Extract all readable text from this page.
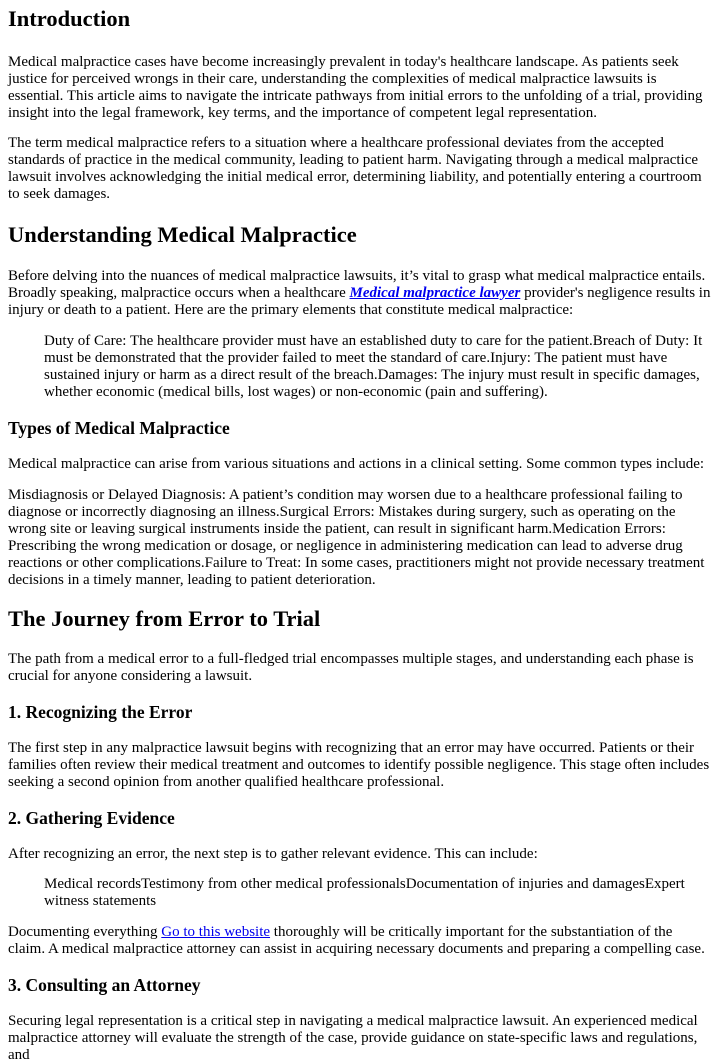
Introduction

Medical malpractice cases have become increasingly prevalent in today's healthcare landscape. As patients seek justice for perceived wrongs in their care, understanding the complexities of medical malpractice lawsuits is essential. This article aims to navigate the intricate pathways from initial errors to the unfolding of a trial, providing insight into the legal framework, key terms, and the importance of competent legal representation.

The term medical malpractice refers to a situation where a healthcare professional deviates from the accepted standards of practice in the medical community, leading to patient harm. Navigating through a medical malpractice lawsuit involves acknowledging the initial medical error, determining liability, and potentially entering a courtroom to seek damages.

Understanding Medical Malpractice

Before delving into the nuances of medical malpractice lawsuits, it’s vital to grasp what medical malpractice entails. Broadly speaking, malpractice occurs when a healthcare Medical malpractice lawyer provider's negligence results in injury or death to a patient. Here are the primary elements that constitute medical malpractice:

Duty of Care: The healthcare provider must have an established duty to care for the patient.Breach of Duty: It must be demonstrated that the provider failed to meet the standard of care.Injury: The patient must have sustained injury or harm as a direct result of the breach.Damages: The injury must result in specific damages, whether economic (medical bills, lost wages) or non-economic (pain and suffering).
Types of Medical Malpractice

Medical malpractice can arise from various situations and actions in a clinical setting. Some common types include:

Misdiagnosis or Delayed Diagnosis: A patient’s condition may worsen due to a healthcare professional failing to diagnose or incorrectly diagnosing an illness.Surgical Errors: Mistakes during surgery, such as operating on the wrong site or leaving surgical instruments inside the patient, can result in significant harm.Medication Errors: Prescribing the wrong medication or dosage, or negligence in administering medication can lead to adverse drug reactions or other complications.Failure to Treat: In some cases, practitioners might not provide necessary treatment decisions in a timely manner, leading to patient deterioration.

The Journey from Error to Trial

The path from a medical error to a full-fledged trial encompasses multiple stages, and understanding each phase is crucial for anyone considering a lawsuit.

1. Recognizing the Error

The first step in any malpractice lawsuit begins with recognizing that an error may have occurred. Patients or their families often review their medical treatment and outcomes to identify possible negligence. This stage often includes seeking a second opinion from another qualified healthcare professional.

2. Gathering Evidence

After recognizing an error, the next step is to gather relevant evidence. This can include:

Medical recordsTestimony from other medical professionalsDocumentation of injuries and damagesExpert witness statements

Documenting everything Go to this website thoroughly will be critically important for the substantiation of the claim. A medical malpractice attorney can assist in acquiring necessary documents and preparing a compelling case.

3. Consulting an Attorney

Securing legal representation is a critical step in navigating a medical malpractice lawsuit. An experienced medical malpractice attorney will evaluate the strength of the case, provide guidance on state-specific laws and regulations, and
